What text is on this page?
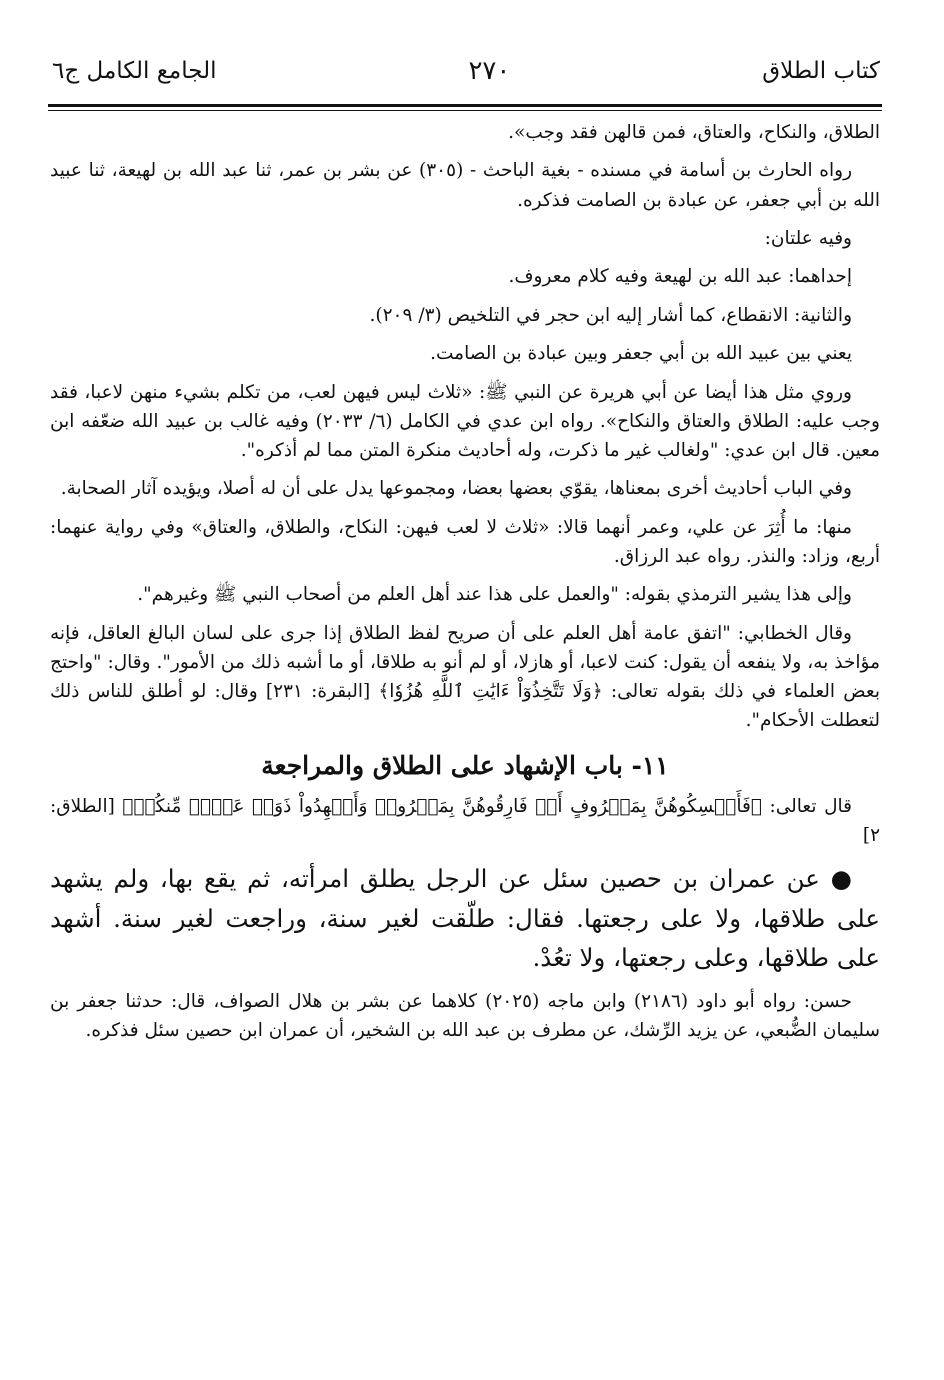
كتاب الطلاق
٢٧٠
الجامع الكامل ج٦

الطلاق، والنكاح، والعتاق، فمن قالهن فقد وجب».

رواه الحارث بن أسامة في مسنده - بغية الباحث - (٣٠٥) عن بشر بن عمر، ثنا عبد الله بن لهيعة، ثنا عبيد الله بن أبي جعفر، عن عبادة بن الصامت فذكره.

وفيه علتان:

إحداهما: عبد الله بن لهيعة وفيه كلام معروف.

والثانية: الانقطاع، كما أشار إليه ابن حجر في التلخيص (٣/ ٢٠٩).

يعني بين عبيد الله بن أبي جعفر وبين عبادة بن الصامت.

وروي مثل هذا أيضا عن أبي هريرة عن النبي ﷺ: «ثلاث ليس فيهن لعب، من تكلم بشيء منهن لاعبا، فقد وجب عليه: الطلاق والعتاق والنكاح». رواه ابن عدي في الكامل (٦/ ٢٠٣٣) وفيه غالب بن عبيد الله ضعّفه ابن معين. قال ابن عدي: "ولغالب غير ما ذكرت، وله أحاديث منكرة المتن مما لم أذكره".

وفي الباب أحاديث أخرى بمعناها، يقوّي بعضها بعضا، ومجموعها يدل على أن له أصلا، ويؤيده آثار الصحابة.

منها: ما أُثِرَ عن علي، وعمر أنهما قالا: «ثلاث لا لعب فيهن: النكاح، والطلاق، والعتاق» وفي رواية عنهما: أربع، وزاد: والنذر. رواه عبد الرزاق.

وإلى هذا يشير الترمذي بقوله: "والعمل على هذا عند أهل العلم من أصحاب النبي ﷺ وغيرهم".

وقال الخطابي: "اتفق عامة أهل العلم على أن صريح لفظ الطلاق إذا جرى على لسان البالغ العاقل، فإنه مؤاخذ به، ولا ينفعه أن يقول: كنت لاعبا، أو هازلا، أو لم أنو به طلاقا، أو ما أشبه ذلك من الأمور". وقال: "واحتج بعض العلماء في ذلك بقوله تعالى: ﴿وَلَا تَتَّخِذُوٓاْ ءَايَٰتِ ٱللَّهِ هُزُوٗا﴾ [البقرة: ٢٣١] وقال: لو أطلق للناس ذلك لتعطلت الأحكام".

١١- باب الإشهاد على الطلاق والمراجعة

قال تعالى: ﴿فَأَمۡسِكُوهُنَّ بِمَعۡرُوفٍ أَوۡ فَارِقُوهُنَّ بِمَعۡرُوفٖ وَأَشۡهِدُواْ ذَوَيۡ عَدۡلٖ مِّنكُمۡ﴾ [الطلاق: ٢]

● عن عمران بن حصين سئل عن الرجل يطلق امرأته، ثم يقع بها، ولم يشهد على طلاقها، ولا على رجعتها. فقال: طلّقت لغير سنة، وراجعت لغير سنة. أشهد على طلاقها، وعلى رجعتها، ولا تعُدْ.

حسن: رواه أبو داود (٢١٨٦) وابن ماجه (٢٠٢٥) كلاهما عن بشر بن هلال الصواف، قال: حدثنا جعفر بن سليمان الضُّبعي، عن يزيد الرِّشك، عن مطرف بن عبد الله بن الشخير، أن عمران ابن حصين سئل فذكره.
